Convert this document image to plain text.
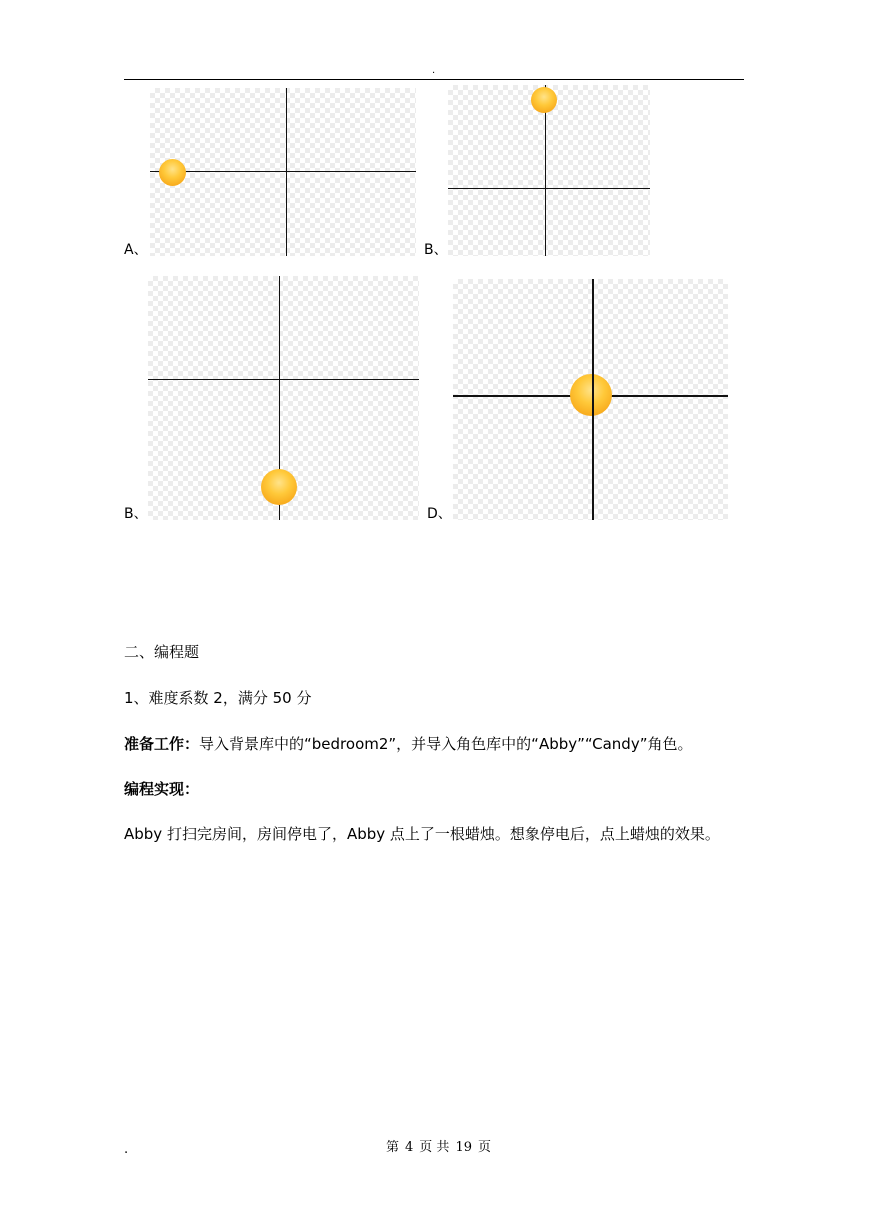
.
A、	B、
B、	D、
二、编程题
1、难度系数 2，满分 50 分
准备工作：导入背景库中的“bedroom2”，并导入角色库中的“Abby”“Candy”角色。
编程实现：
Abby 打扫完房间，房间停电了，Abby 点上了一根蜡烛。想象停电后，点上蜡烛的效果。
.	第 4 页 共 19 页
